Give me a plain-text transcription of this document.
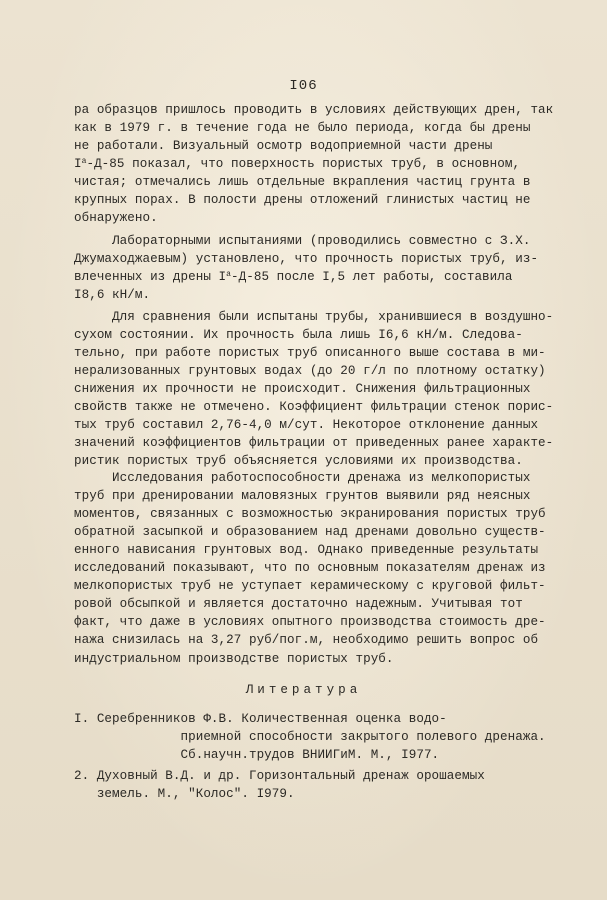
I06
ра образцов пришлось проводить в условиях действующих дрен, так
как в 1979 г. в течение года не было периода, когда бы дрены
не работали. Визуальный осмотр водоприемной части дрены
$I^а-Д-85$ показал, что поверхность пористых труб, в основном,
чистая; отмечались лишь отдельные вкрапления частиц грунта в
крупных порах. В полости дрены отложений глинистых частиц не
обнаружено.
Лабораторными испытаниями (проводились совместно с З.Х.
Джумаходжаевым) установлено, что прочность пористых труб, из-
влеченных из дрены $I^а-Д-85$ после I,5 лет работы, составила
I8,6 кН/м.
Для сравнения были испытаны трубы, хранившиеся в воздушно-
сухом состоянии. Их прочность была лишь I6,6 кН/м. Следова-
тельно, при работе пористых труб описанного выше состава в ми-
нерализованных грунтовых водах (до 20 г/л по плотному остатку)
снижения их прочности не происходит. Снижения фильтрационных
свойств также не отмечено. Коэффициент фильтрации стенок порис-
тых труб составил 2,76-4,0 м/сут. Некоторое отклонение данных
значений коэффициентов фильтрации от приведенных ранее характе-
ристик пористых труб объясняется условиями их производства.
Исследования работоспособности дренажа из мелкопористых
труб при дренировании маловязных грунтов выявили ряд неясных
моментов, связанных с возможностью экранирования пористых труб
обратной засыпкой и образованием над дренами довольно существ-
енного нависания грунтовых вод. Однако приведенные результаты
исследований показывают, что по основным показателям дренаж из
мелкопористых труб не уступает керамическому с круговой фильт-
ровой обсыпкой и является достаточно надежным. Учитывая тот
факт, что даже в условиях опытного производства стоимость дре-
нажа снизилась на 3,27 руб/пог.м, необходимо решить вопрос об
индустриальном производстве пористых труб.
Литература
I. Серебренников Ф.В. Количественная оценка водо-
приемной способности закрытого полевого дренажа.
Сб.научн.трудов ВНИИГиМ. М., I977.
2. Духовный В.Д. и др. Горизонтальный дренаж орошаемых
земель. М., "Колос". I979.
